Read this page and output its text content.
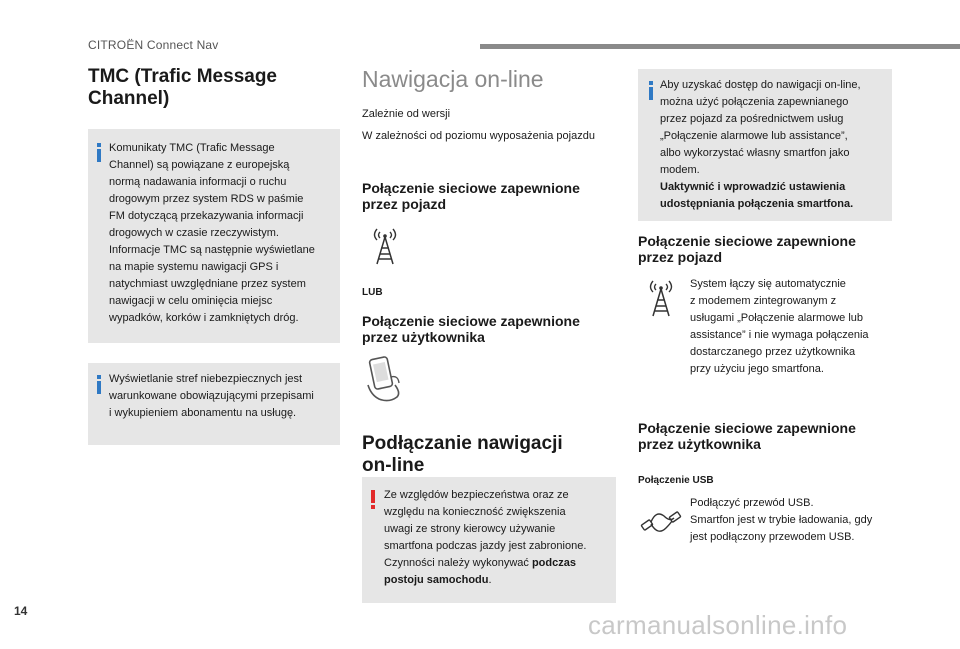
CITROËN Connect Nav
TMC (Trafic Message Channel)

Komunikaty TMC (Trafic Message

Channel) są powiązane z europejską

normą nadawania informacji o ruchu

drogowym przez system RDS w paśmie

FM dotyczącą przekazywania informacji

drogowych w czasie rzeczywistym.

Informacje TMC są następnie wyświetlane

na mapie systemu nawigacji GPS i

natychmiast uwzględniane przez system

nawigacji w celu ominięcia miejsc

wypadków, korków i zamkniętych dróg.

Wyświetlanie stref niebezpiecznych jest

warunkowane obowiązującymi przepisami

i wykupieniem abonamentu na usługę.

Nawigacja on-line
Zależnie od wersji
W zależności od poziomu wyposażenia pojazdu
Połączenie sieciowe zapewnione przez pojazd
LUB
Połączenie sieciowe zapewnione przez użytkownika
Podłączanie nawigacji on-line

Ze względów bezpieczeństwa oraz ze

względu na konieczność zwiększenia

uwagi ze strony kierowcy używanie

smartfona podczas jazdy jest zabronione.

Czynności należy wykonywać podczas

postoju samochodu.

Aby uzyskać dostęp do nawigacji on-line,

można użyć połączenia zapewnianego

przez pojazd za pośrednictwem usług

„Połączenie alarmowe lub assistance”,

albo wykorzystać własny smartfon jako

modem.

Uaktywnić i wprowadzić ustawienia

udostępniania połączenia smartfona.

Połączenie sieciowe zapewnione przez pojazd
System łączy się automatycznie
z modemem zintegrowanym z
usługami „Połączenie alarmowe lub
assistance” i nie wymaga połączenia
dostarczanego przez użytkownika
przy użyciu jego smartfona.
Połączenie sieciowe zapewnione przez użytkownika
Połączenie USB
Podłączyć przewód USB.
Smartfon jest w trybie ładowania, gdy
jest podłączony przewodem USB.
14	carmanualsonline.info
